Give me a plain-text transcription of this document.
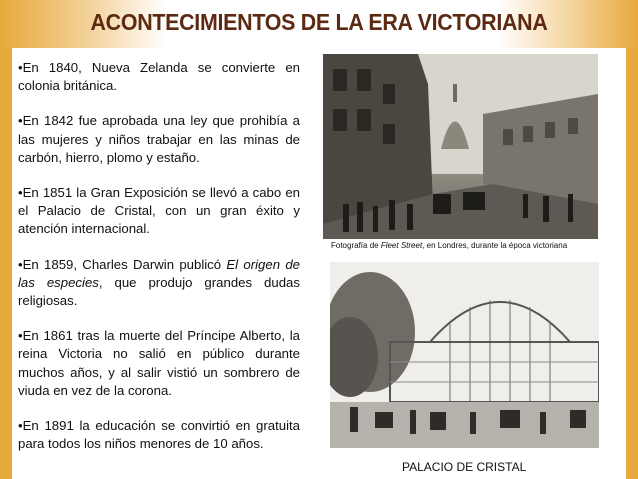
ACONTECIMIENTOS DE LA ERA VICTORIANA

•En 1840, Nueva Zelanda se convierte en colonia británica.

•En 1842 fue aprobada una ley que prohibía a las mujeres y niños trabajar en las minas de carbón, hierro, plomo y estaño.

•En 1851 la Gran Exposición se llevó a cabo en el Palacio de Cristal, con un gran éxito y atención internacional.

•En 1859, Charles Darwin publicó El origen de las especies, que produjo grandes dudas religiosas.

•En 1861 tras la muerte del Príncipe Alberto, la reina Victoria no salió en público durante muchos años, y al salir vistió un sombrero de viuda en vez de la corona.

•En 1891 la educación se convirtió en gratuita para todos los niños menores de 10 años.

Fotografía de Fleet Street, en Londres, durante la época victoriana
PALACIO DE CRISTAL
